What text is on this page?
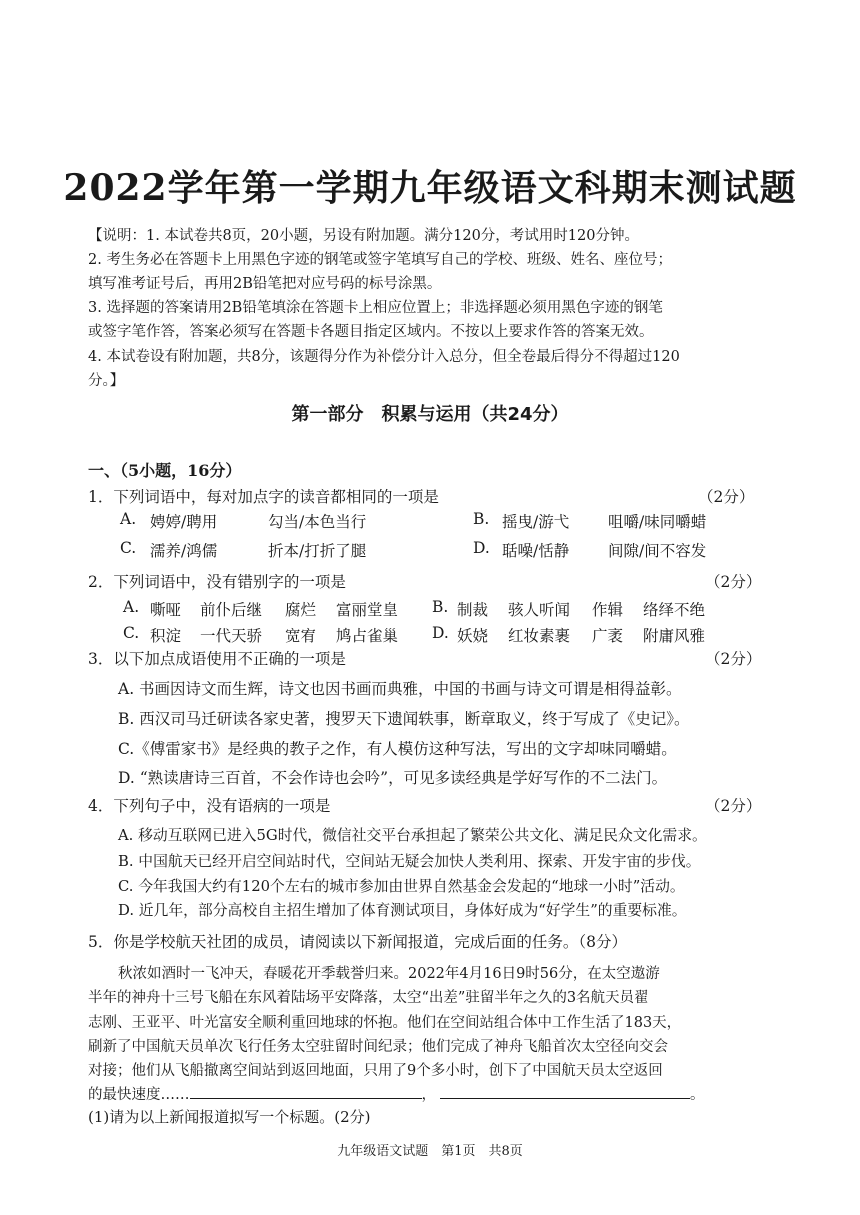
2022学年第一学期九年级语文科期末测试题
【说明：1. 本试卷共8页，20小题，另设有附加题。满分120分，考试用时120分钟。
2. 考生务必在答题卡上用黑色字迹的钢笔或签字笔填写自己的学校、班级、姓名、座位号；
填写准考证号后，再用2B铅笔把对应号码的标号涂黑。
3. 选择题的答案请用2B铅笔填涂在答题卡上相应位置上；非选择题必须用黑色字迹的钢笔
或签字笔作答，答案必须写在答题卡各题目指定区域内。不按以上要求作答的答案无效。
4. 本试卷设有附加题，共8分，该题得分作为补偿分计入总分，但全卷最后得分不得超过120
分。】
第一部分　积累与运用（共24分）
一、（5小题，16分）
1．下列词语中，每对加点字的读音都相同的一项是	（2分）
A. 娉婷/聘用	勾当/本色当行	B. 摇曳/游弋	咀嚼/味同嚼蜡
C. 濡养/鸿儒	折本/打折了腿	D. 聒噪/恬静	间隙/间不容发
2．下列词语中，没有错别字的一项是	（2分）
A. 嘶哑 前仆后继 腐烂 富丽堂皇 B. 制裁 骇人听闻 作辑 络绎不绝
C. 积淀 一代天骄 宽宥 鸠占雀巢 D. 妖娆 红妆素裹 广袤 附庸风雅
3．以下加点成语使用不正确的一项是	（2分）
A. 书画因诗文而生辉，诗文也因书画而典雅，中国的书画与诗文可谓是相得益彰。
B. 西汉司马迁研读各家史著，搜罗天下遗闻轶事，断章取义，终于写成了《史记》。
C.《傅雷家书》是经典的教子之作，有人模仿这种写法，写出的文字却味同嚼蜡。
D. “熟读唐诗三百首，不会作诗也会吟”，可见多读经典是学好写作的不二法门。
4．下列句子中，没有语病的一项是	（2分）
A. 移动互联网已进入5G时代，微信社交平台承担起了繁荣公共文化、满足民众文化需求。
B. 中国航天已经开启空间站时代，空间站无疑会加快人类利用、探索、开发宇宙的步伐。
C. 今年我国大约有120个左右的城市参加由世界自然基金会发起的“地球一小时”活动。
D. 近几年，部分高校自主招生增加了体育测试项目，身体好成为“好学生”的重要标准。
5．你是学校航天社团的成员，请阅读以下新闻报道，完成后面的任务。（8分）
秋浓如酒时一飞冲天，春暖花开季载誉归来。2022年4月16日9时56分，在太空遨游
半年的神舟十三号飞船在东风着陆场平安降落，太空“出差”驻留半年之久的3名航天员翟
志刚、王亚平、叶光富安全顺利重回地球的怀抱。他们在空间站组合体中工作生活了183天，
刷新了中国航天员单次飞行任务太空驻留时间纪录；他们完成了神舟飞船首次太空径向交会
对接；他们从飞船撤离空间站到返回地面，只用了9个多小时，创下了中国航天员太空返回
的最快速度……	，	。
(1)请为以上新闻报道拟写一个标题。(2分)
九年级语文试题　第1页　共8页
